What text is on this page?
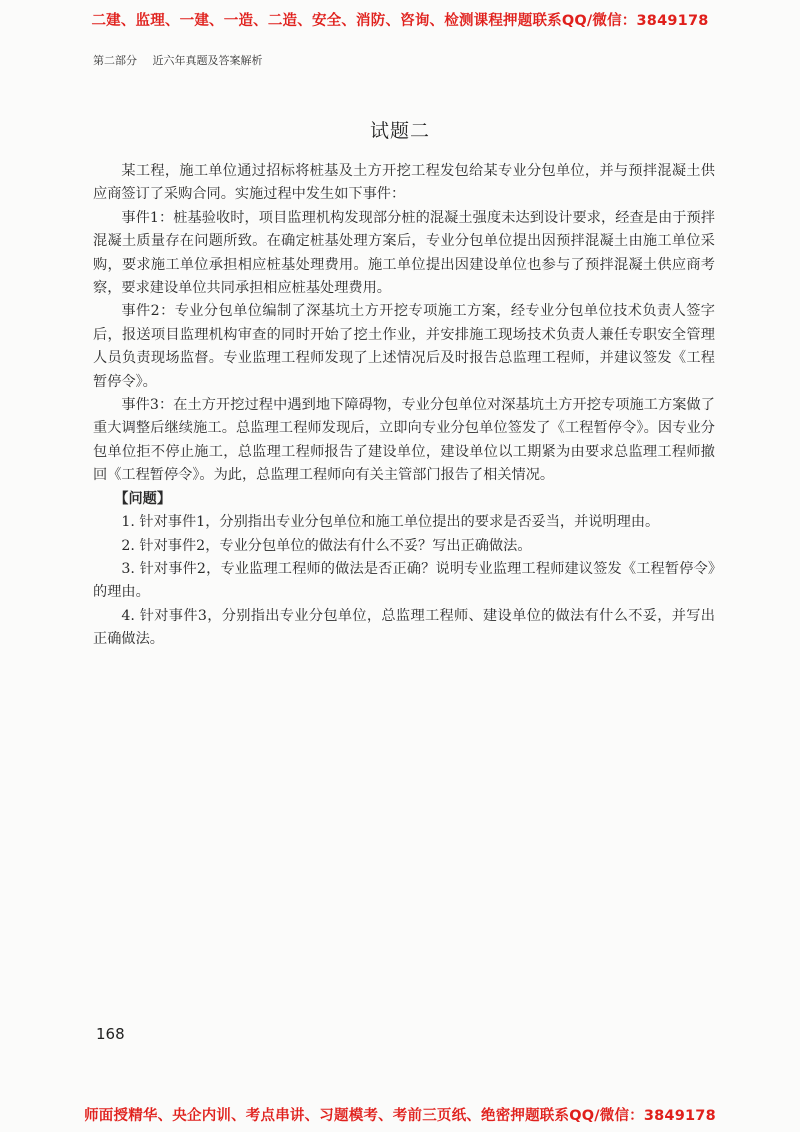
二建、监理、一建、一造、二造、安全、消防、咨询、检测课程押题联系QQ/微信：3849178
第二部分 近六年真题及答案解析
试题二

某工程，施工单位通过招标将桩基及土方开挖工程发包给某专业分包单位，并与预拌混凝土供应商签订了采购合同。实施过程中发生如下事件：

事件1：桩基验收时，项目监理机构发现部分桩的混凝土强度未达到设计要求，经查是由于预拌混凝土质量存在问题所致。在确定桩基处理方案后，专业分包单位提出因预拌混凝土由施工单位采购，要求施工单位承担相应桩基处理费用。施工单位提出因建设单位也参与了预拌混凝土供应商考察，要求建设单位共同承担相应桩基处理费用。

事件2：专业分包单位编制了深基坑土方开挖专项施工方案，经专业分包单位技术负责人签字后，报送项目监理机构审查的同时开始了挖土作业，并安排施工现场技术负责人兼任专职安全管理人员负责现场监督。专业监理工程师发现了上述情况后及时报告总监理工程师，并建议签发《工程暂停令》。

事件3：在土方开挖过程中遇到地下障碍物，专业分包单位对深基坑土方开挖专项施工方案做了重大调整后继续施工。总监理工程师发现后，立即向专业分包单位签发了《工程暂停令》。因专业分包单位拒不停止施工，总监理工程师报告了建设单位，建设单位以工期紧为由要求总监理工程师撤回《工程暂停令》。为此，总监理工程师向有关主管部门报告了相关情况。

【问题】

1. 针对事件1，分别指出专业分包单位和施工单位提出的要求是否妥当，并说明理由。

2. 针对事件2，专业分包单位的做法有什么不妥？写出正确做法。

3. 针对事件2，专业监理工程师的做法是否正确？说明专业监理工程师建议签发《工程暂停令》的理由。

4. 针对事件3，分别指出专业分包单位，总监理工程师、建设单位的做法有什么不妥，并写出正确做法。

168
师面授精华、央企内训、考点串讲、习题模考、考前三页纸、绝密押题联系QQ/微信：3849178
